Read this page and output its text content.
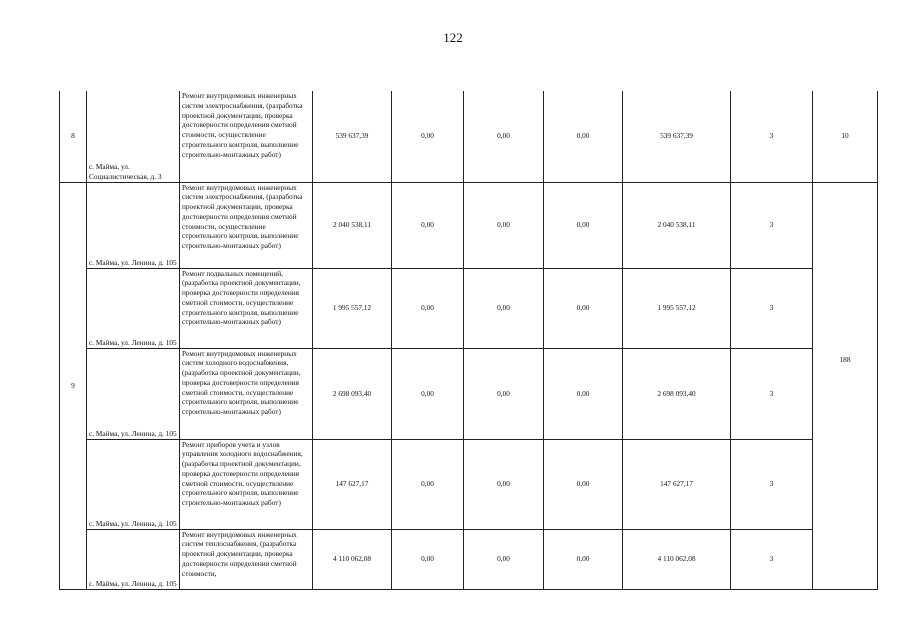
122
8	с. Майма, ул. Социалистическая, д. 3	Ремонт внутридомовых инженерных систем электроснабжения, (разработка проектной документации, проверка достоверности определения сметной стоимости, осуществление строительного контроля, выполнение строительно-монтажных работ)	539 637,39	0,00	0,00	0,00	539 637,39	3	10
9	с. Майма, ул. Ленина, д. 105	Ремонт внутридомовых инженерных систем электроснабжения, (разработка проектной документации, проверка достоверности определения сметной стоимости, осуществление строительного контроля, выполнение строительно-монтажных работ)	2 040 538,11	0,00	0,00	0,00	2 040 538,11	3	188
	с. Майма, ул. Ленина, д. 105	Ремонт подвальных помещений, (разработка проектной документации, проверка достоверности определения сметной стоимости, осуществление строительного контроля, выполнение строительно-монтажных работ)	1 995 557,12	0,00	0,00	0,00	1 995 557,12	3	
	с. Майма, ул. Ленина, д. 105	Ремонт внутридомовых инженерных систем холодного водоснабжения, (разработка проектной документации, проверка достоверности определения сметной стоимости, осуществление строительного контроля, выполнение строительно-монтажных работ)	2 698 093,40	0,00	0,00	0,00	2 698 093,40	3	
	с. Майма, ул. Ленина, д. 105	Ремонт приборов учета и узлов управления холодного водоснабжения, (разработка проектной документации, проверка достоверности определения сметной стоимости, осуществление строительного контроля, выполнение строительно-монтажных работ)	147 627,17	0,00	0,00	0,00	147 627,17	3	
	с. Майма, ул. Ленина, д. 105	Ремонт внутридомовых инженерных систем теплоснабжения, (разработка проектной документации, проверка достоверности определения сметной стоимости,	4 110 062,08	0,00	0,00	0,00	4 110 062,08	3	
